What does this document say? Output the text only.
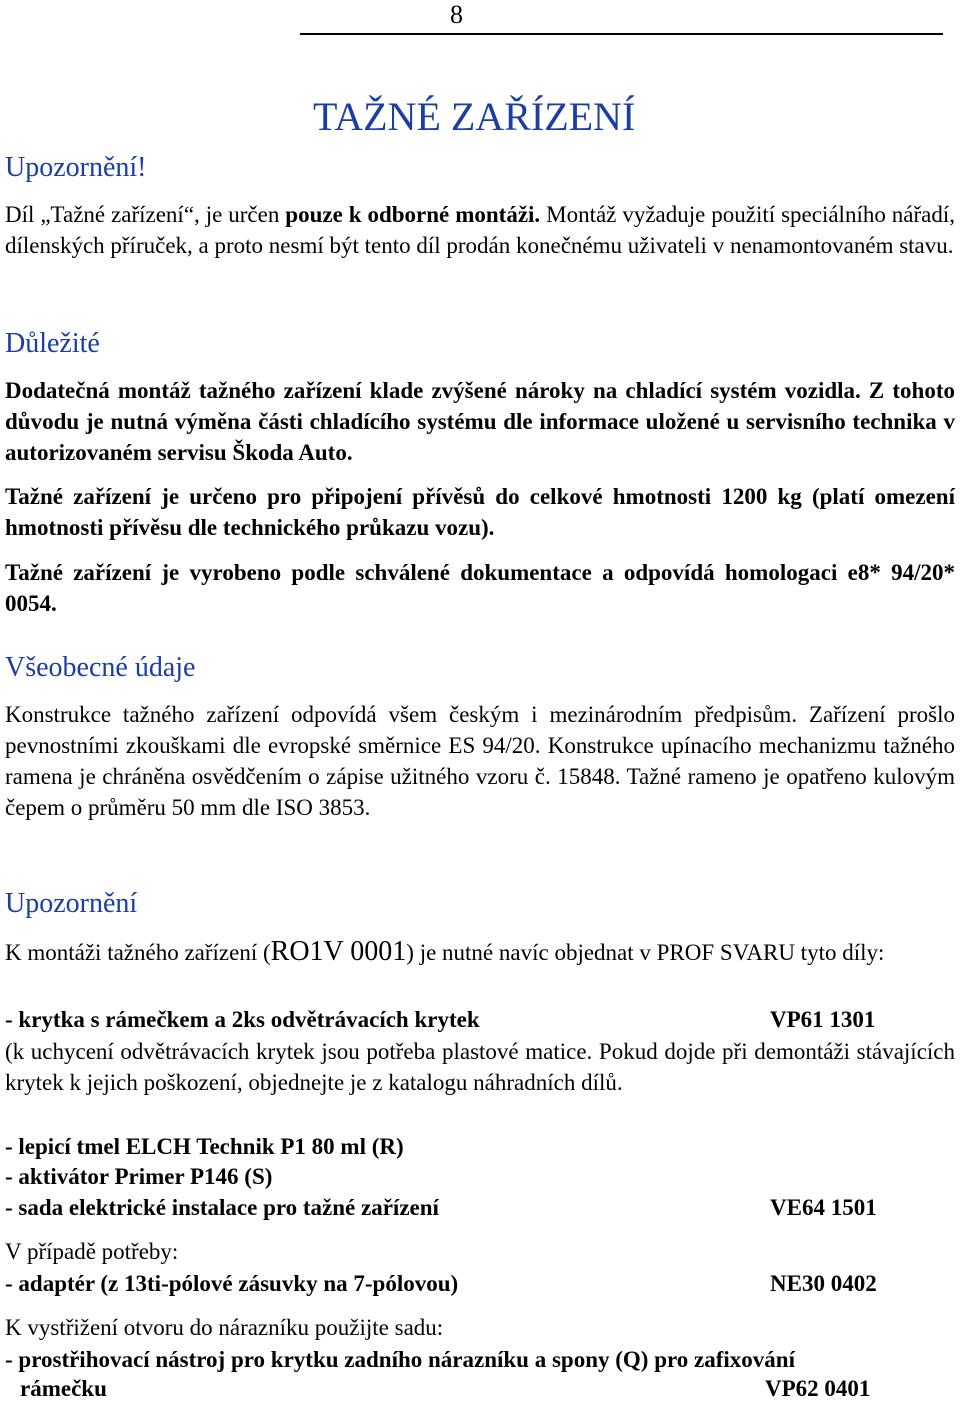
8
TAŽNÉ ZAŘÍZENÍ
Upozornění!

Díl „Tažné zařízení“, je určen pouze k odborné montáži. Montáž vyžaduje použití speciálního nářadí, dílenských příruček, a proto nesmí být tento díl prodán konečnému uživateli v nenamontovaném stavu.

Důležité

Dodatečná montáž tažného zařízení klade zvýšené nároky na chladící systém vozidla. Z tohoto důvodu je nutná výměna části chladícího systému dle informace uložené u servisního technika v autorizovaném servisu Škoda Auto.

Tažné zařízení je určeno pro připojení přívěsů do celkové hmotnosti 1200 kg (platí omezení hmotnosti přívěsu dle technického průkazu vozu).

Tažné zařízení je vyrobeno podle schválené dokumentace a odpovídá homologaci e8* 94/20* 0054.

Všeobecné údaje

Konstrukce tažného zařízení odpovídá všem českým i mezinárodním předpisům. Zařízení prošlo pevnostními zkouškami dle evropské směrnice ES 94/20. Konstrukce upínacího mechanizmu tažného ramena je chráněna osvědčením o zápise užitného vzoru č. 15848. Tažné rameno je opatřeno kulovým čepem o průměru 50 mm dle ISO 3853.

Upozornění

K montáži tažného zařízení (RO1V 0001) je nutné navíc objednat v PROF SVARU tyto díly:

- krytka s rámečkem a 2ks odvětrávacích krytek	VP61 1301

(k uchycení odvětrávacích krytek jsou potřeba plastové matice. Pokud dojde při demontáži stávajících krytek k jejich poškození, objednejte je z katalogu náhradních dílů.

- lepicí tmel ELCH Technik P1 80 ml (R)
- aktivátor Primer P146 (S)
- sada elektrické instalace pro tažné zařízení	VE64 1501
V případě potřeby:
- adaptér (z 13ti-pólové zásuvky na 7-pólovou)	NE30 0402
K vystřižení otvoru do nárazníku použijte sadu:
- prostřihovací nástroj pro krytku zadního nárazníku a spony (Q) pro zafixování
rámečku	VP62 0401
